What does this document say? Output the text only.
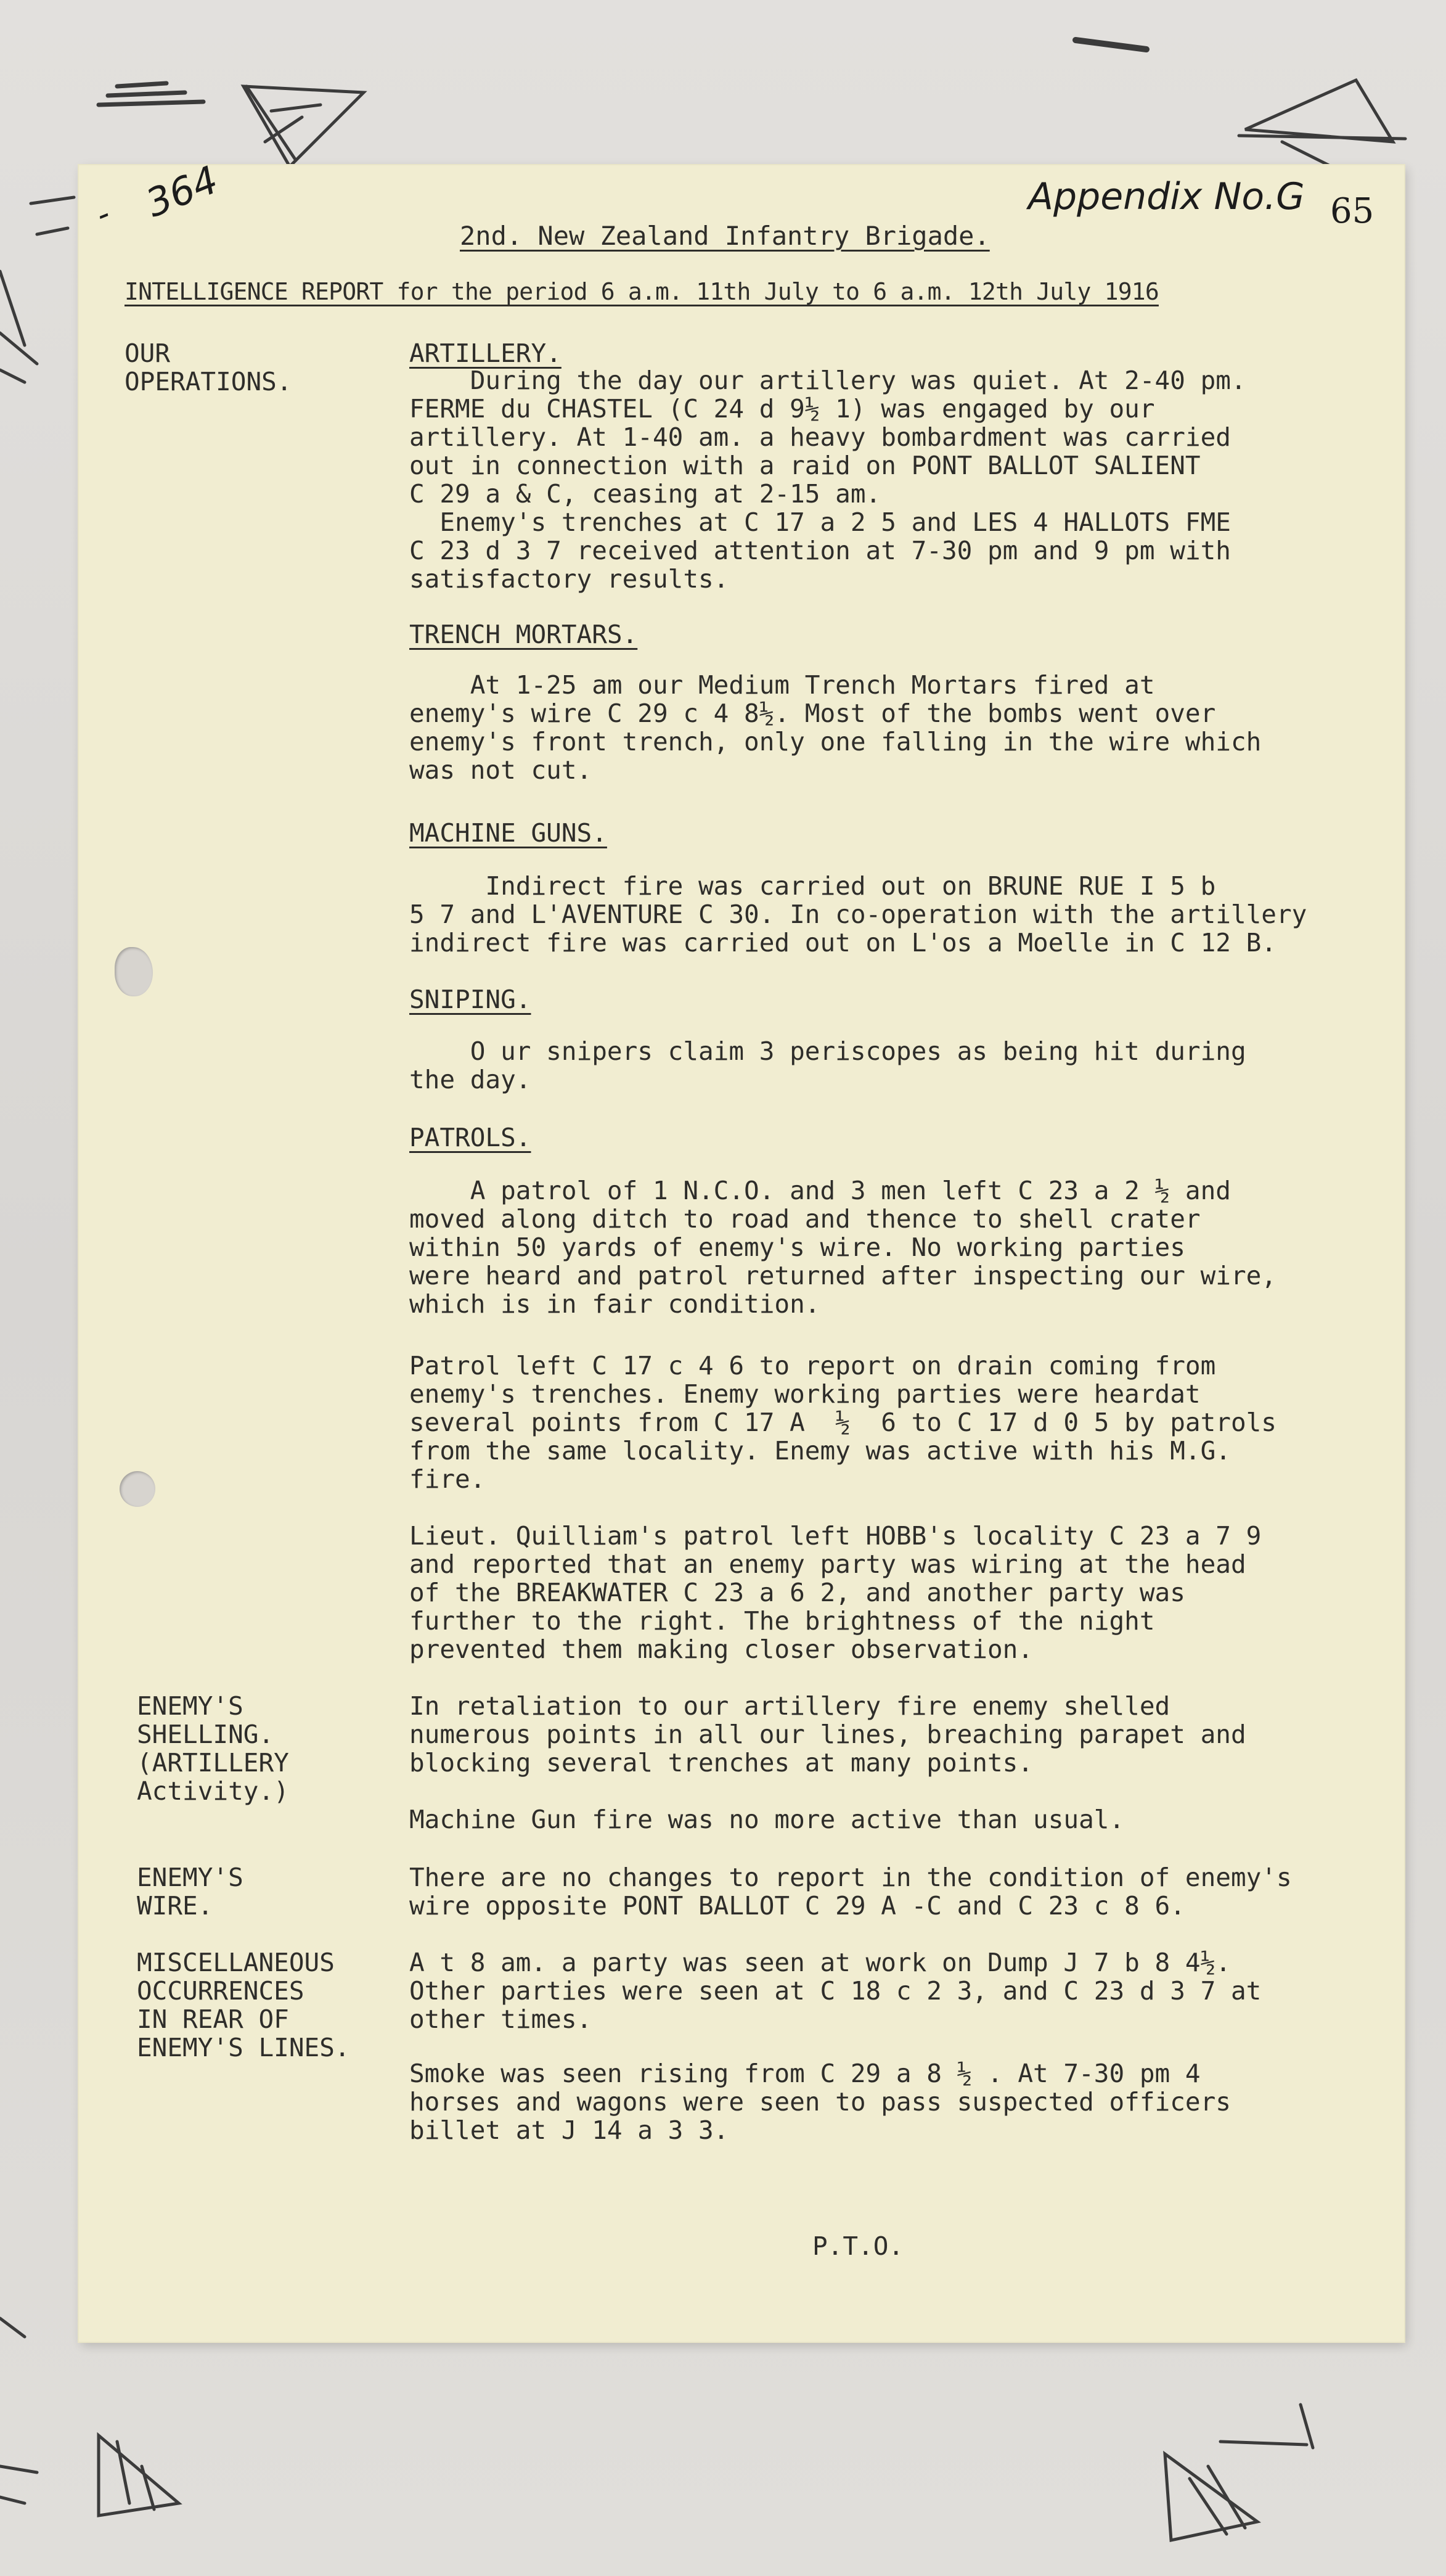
364
-	Appendix No.G 65

2nd. New Zealand Infantry Brigade.

INTELLIGENCE REPORT for the period 6 a.m. 11th July to 6 a.m. 12th July 1916

OUR
OPERATIONS.

ARTILLERY.

During the day our artillery was quiet. At 2-40 pm.
FERME du CHASTEL (C 24 d 9½ 1) was engaged by our
artillery. At 1-40 am. a heavy bombardment was carried
out in connection with a raid on PONT BALLOT SALIENT
C 29 a & C, ceasing at 2-15 am.
Enemy's trenches at C 17 a 2 5 and LES 4 HALLOTS FME
C 23 d 3 7 received attention at 7-30 pm and 9 pm with
satisfactory results.

TRENCH MORTARS.

At 1-25 am our Medium Trench Mortars fired at
enemy's wire C 29 c 4 8½. Most of the bombs went over
enemy's front trench, only one falling in the wire which
was not cut.

MACHINE GUNS.

Indirect fire was carried out on BRUNE RUE I 5 b
5 7 and L'AVENTURE C 30. In co-operation with the artillery
indirect fire was carried out on L'os a Moelle in C 12 B.

SNIPING.

O ur snipers claim 3 periscopes as being hit during
the day.

PATROLS.

A patrol of 1 N.C.O. and 3 men left C 23 a 2 ½ and
moved along ditch to road and thence to shell crater
within 50 yards of enemy's wire. No working parties
were heard and patrol returned after inspecting our wire,
which is in fair condition.

Patrol left C 17 c 4 6 to report on drain coming from
enemy's trenches. Enemy working parties were heardat
several points from C 17 A  ½  6 to C 17 d 0 5 by patrols
from the same locality. Enemy was active with his M.G.
fire.

Lieut. Quilliam's patrol left HOBB's locality C 23 a 7 9
and reported that an enemy party was wiring at the head
of the BREAKWATER C 23 a 6 2, and another party was
further to the right. The brightness of the night
prevented them making closer observation.

ENEMY'S
SHELLING.
(ARTILLERY
Activity.)

In retaliation to our artillery fire enemy shelled
numerous points in all our lines, breaching parapet and
blocking several trenches at many points.

Machine Gun fire was no more active than usual.

ENEMY'S
WIRE.

There are no changes to report in the condition of enemy's
wire opposite PONT BALLOT C 29 A -C and C 23 c 8 6.

MISCELLANEOUS
OCCURRENCES
IN REAR OF
ENEMY'S LINES.

A t 8 am. a party was seen at work on Dump J 7 b 8 4½.
Other parties were seen at C 18 c 2 3, and C 23 d 3 7 at
other times.

Smoke was seen rising from C 29 a 8 ½ . At 7-30 pm 4
horses and wagons were seen to pass suspected officers
billet at J 14 a 3 3.

P.T.O.
